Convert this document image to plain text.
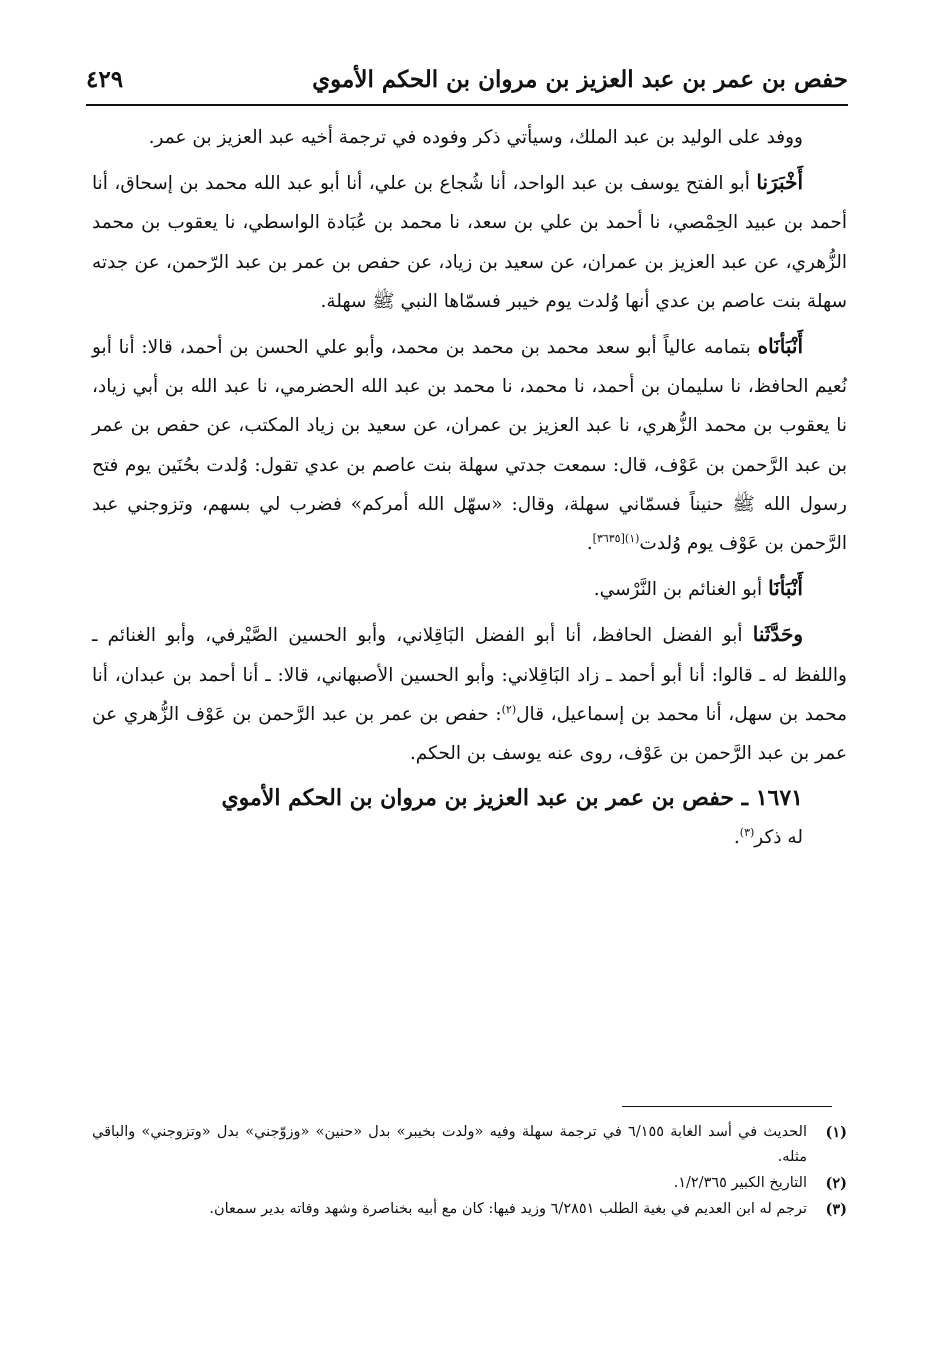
حفص بن عمر بن عبد العزيز بن مروان بن الحكم الأموي
٤٢٩

ووفد على الوليد بن عبد الملك، وسيأتي ذكر وفوده في ترجمة أخيه عبد العزيز بن عمر.

أَخْبَرَنا أبو الفتح يوسف بن عبد الواحد، أنا شُجاع بن علي، أنا أبو عبد الله محمد بن إسحاق، أنا أحمد بن عبيد الحِمْصي، نا أحمد بن علي بن سعد، نا محمد بن عُبَادة الواسطي، نا يعقوب بن محمد الزُّهري، عن عبد العزيز بن عمران، عن سعيد بن زياد، عن حفص بن عمر بن عبد الرّحمن، عن جدته سهلة بنت عاصم بن عدي أنها وُلدت يوم خيبر فسمّاها النبي ﷺ سهلة.

أَنْبَأنَاه بتمامه عالياً أبو سعد محمد بن محمد بن محمد، وأبو علي الحسن بن أحمد، قالا: أنا أبو نُعيم الحافظ، نا سليمان بن أحمد، نا محمد، نا محمد بن عبد الله الحضرمي، نا عبد الله بن أبي زياد، نا يعقوب بن محمد الزُّهري، نا عبد العزيز بن عمران، عن سعيد بن زياد المكتب، عن حفص بن عمر بن عبد الرَّحمن بن عَوْف، قال: سمعت جدتي سهلة بنت عاصم بن عدي تقول: وُلدت بحُنَين يوم فتح رسول الله ﷺ حنيناً فسمّاني سهلة، وقال: «سهّل الله أمركم» فضرب لي بسهم، وتزوجني عبد الرَّحمن بن عَوْف يوم وُلدت$^{(١)[٣٦٣٥]}$.

أَنْبَأنَا أبو الغنائم بن النَّرْسي.

وحَدَّثَنا أبو الفضل الحافظ، أنا أبو الفضل البَاقِلاني، وأبو الحسين الصَّيْرفي، وأبو الغنائم ـ واللفظ له ـ قالوا: أنا أبو أحمد ـ زاد البَاقِلاني: وأبو الحسين الأصبهاني، قالا: ـ أنا أحمد بن عبدان، أنا محمد بن سهل، أنا محمد بن إسماعيل، قال$^{(٢)}$: حفص بن عمر بن عبد الرَّحمن بن عَوْف الزُّهري عن عمر بن عبد الرَّحمن بن عَوْف، روى عنه يوسف بن الحكم.

١٦٧١ ـ حفص بن عمر بن عبد العزيز بن مروان بن الحكم الأموي

له ذكر$^{(٣)}$.

(١)
الحديث في أسد الغابة ٦/١٥٥ في ترجمة سهلة وفيه «ولدت بخيبر» بدل «حنين» «وزوّجني» بدل «وتزوجني» والباقي مثله.
(٢)
التاريخ الكبير ١/٢/٣٦٥.
(٣)
ترجم له ابن العديم في بغية الطلب ٦/٢٨٥١ وزيد فيها: كان مع أبيه بخناصرة وشهد وفاته بدير سمعان.
